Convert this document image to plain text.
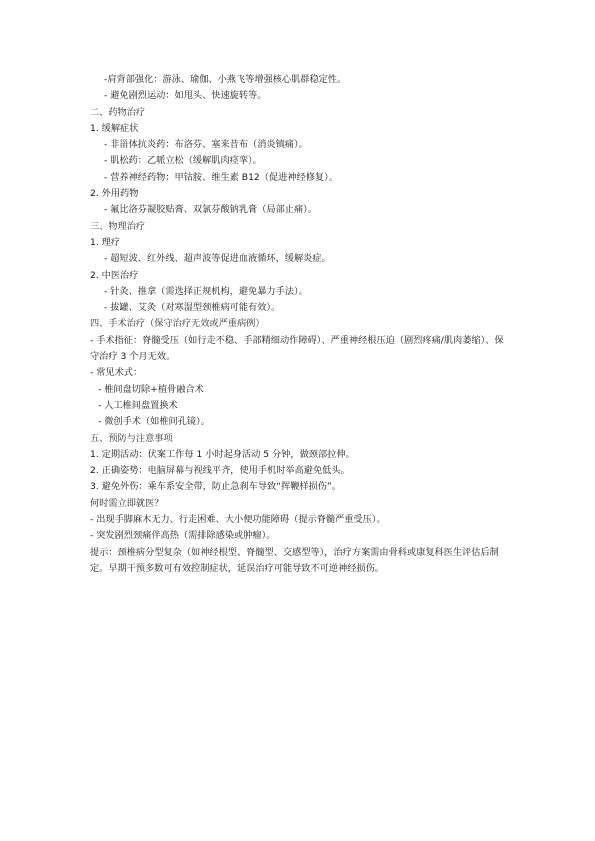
-肩背部强化：游泳、瑜伽、小燕飞等增强核心肌群稳定性。
- 避免剧烈运动：如甩头、快速旋转等。
二、药物治疗
1. 缓解症状
- 非甾体抗炎药：布洛芬、塞来昔布（消炎镇痛）。
- 肌松药：乙哌立松（缓解肌肉痉挛）。
- 营养神经药物：甲钴胺、维生素 B12（促进神经修复）。
2. 外用药物
- 氟比洛芬凝胶贴膏、双氯芬酸钠乳膏（局部止痛）。
三、物理治疗
1. 理疗
- 超短波、红外线、超声波等促进血液循环，缓解炎症。
2. 中医治疗
- 针灸、推拿（需选择正规机构，避免暴力手法）。
- 拔罐、艾灸（对寒湿型颈椎病可能有效）。
四、手术治疗（保守治疗无效或严重病例）
- 手术指征：脊髓受压（如行走不稳、手部精细动作障碍）、严重神经根压迫（剧烈疼痛/肌肉萎缩）、保守治疗 3 个月无效。
- 常见术式：
- 椎间盘切除+植骨融合术
- 人工椎间盘置换术
- 微创手术（如椎间孔镜）。
五、预防与注意事项
1. 定期活动：伏案工作每 1 小时起身活动 5 分钟，做颈部拉伸。
2. 正确姿势：电脑屏幕与视线平齐，使用手机时举高避免低头。
3. 避免外伤：乘车系安全带，防止急刹车导致“挥鞭样损伤”。
何时需立即就医？
- 出现手脚麻木无力、行走困难、大小便功能障碍（提示脊髓严重受压）。
- 突发剧烈颈痛伴高热（需排除感染或肿瘤）。
提示：颈椎病分型复杂（如神经根型、脊髓型、交感型等），治疗方案需由骨科或康复科医生评估后制定。早期干预多数可有效控制症状，延误治疗可能导致不可逆神经损伤。
